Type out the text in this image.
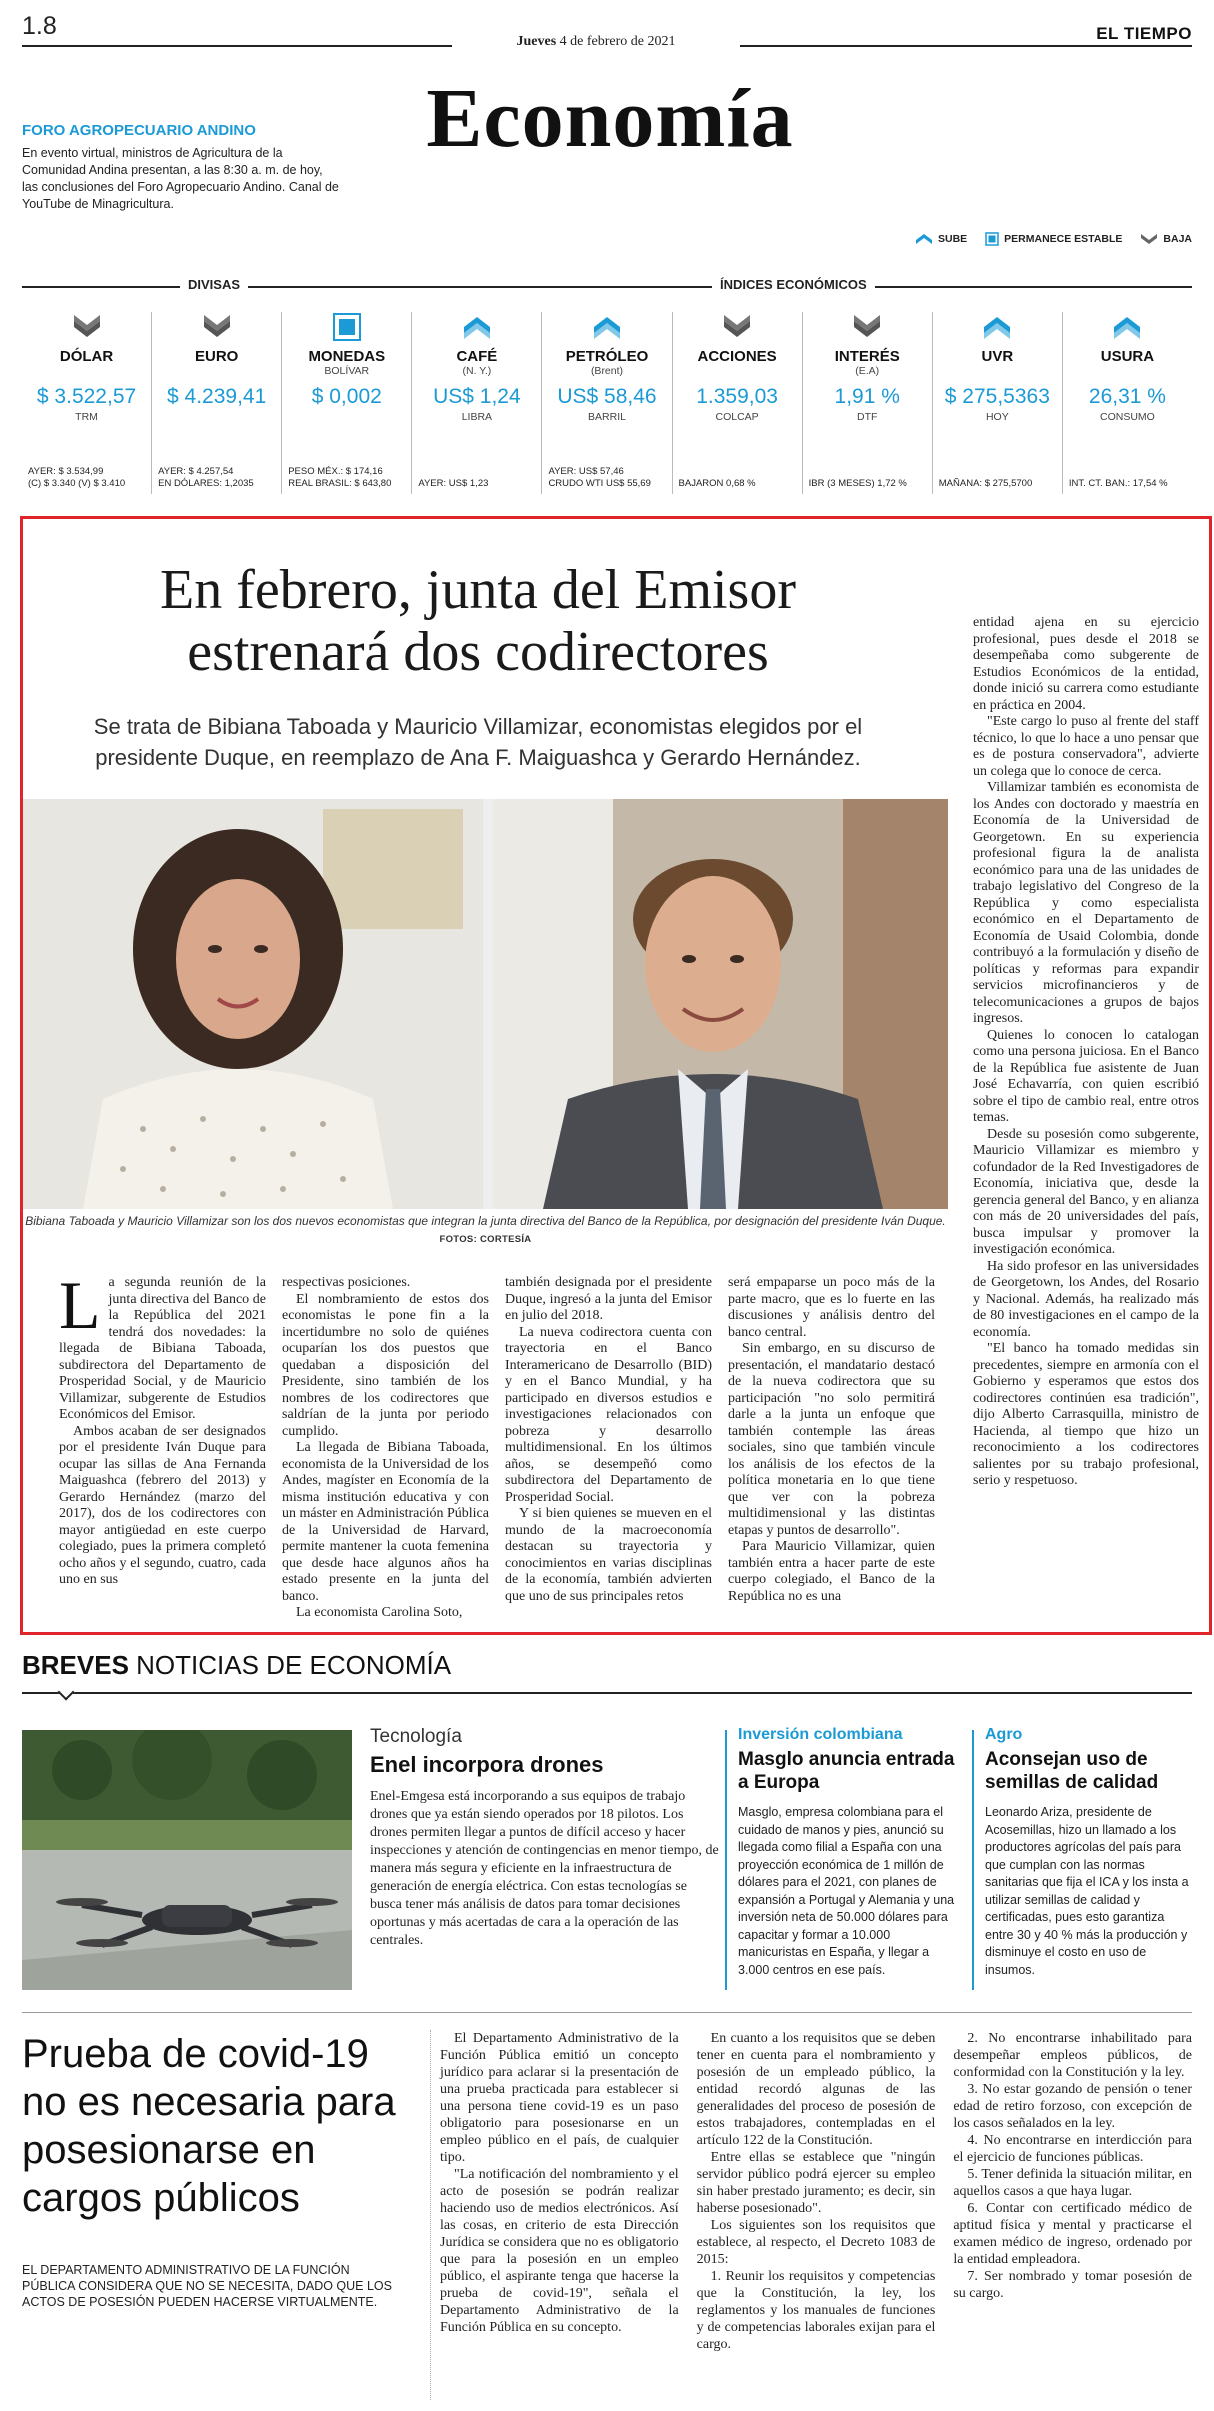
1.8
Jueves 4 de febrero de 2021	EL TIEMPO
Economía
FORO AGROPECUARIO ANDINO
En evento virtual, ministros de Agricultura de la Comunidad Andina presentan, a las 8:30 a. m. de hoy, las conclusiones del Foro Agropecuario Andino. Canal de YouTube de Minagricultura.
SUBE	PERMANECE ESTABLE	BAJA
DIVISAS	ÍNDICES ECONÓMICOS
DÓLAR
$ 3.522,57
TRM
AYER: $ 3.534,99
(C) $ 3.340 (V) $ 3.410
EURO
$ 4.239,41
AYER: $ 4.257,54
EN DÓLARES: 1,2035
MONEDAS
BOLÍVAR
$ 0,002
PESO MÉX.: $ 174,16
REAL BRASIL: $ 643,80
CAFÉ
(N. Y.)
US$ 1,24
LIBRA
AYER: US$ 1,23
PETRÓLEO
(Brent)
US$ 58,46
BARRIL
AYER: US$ 57,46
CRUDO WTI US$ 55,69
ACCIONES
1.359,03
COLCAP
BAJARON 0,68 %
INTERÉS
(E.A)
1,91 %
DTF
IBR (3 MESES) 1,72 %
UVR
$ 275,5363
HOY
MAÑANA: $ 275,5700
USURA
26,31 %
CONSUMO
INT. CT. BAN.: 17,54 %
En febrero, junta del Emisor estrenará dos codirectores
Se trata de Bibiana Taboada y Mauricio Villamizar, economistas elegidos por el presidente Duque, en reemplazo de Ana F. Maiguashca y Gerardo Hernández.
Bibiana Taboada y Mauricio Villamizar son los dos nuevos economistas que integran la junta directiva del Banco de la República, por designación del presidente Iván Duque. FOTOS: CORTESÍA
L a segunda reunión de la junta directiva del Banco de la República del 2021 tendrá dos novedades: la llegada de Bibiana Taboada, subdirectora del Departamento de Prosperidad Social, y de Mauricio Villamizar, subgerente de Estudios Económicos del Emisor.

Ambos acaban de ser designados por el presidente Iván Duque para ocupar las sillas de Ana Fernanda Maiguashca (febrero del 2013) y Gerardo Hernández (marzo del 2017), dos de los codirectores con mayor antigüedad en este cuerpo colegiado, pues la primera completó ocho años y el segundo, cuatro, cada uno en sus

respectivas posiciones.

El nombramiento de estos dos economistas le pone fin a la incertidumbre no solo de quiénes ocuparían los dos puestos que quedaban a disposición del Presidente, sino también de los nombres de los codirectores que saldrían de la junta por periodo cumplido.

La llegada de Bibiana Taboada, economista de la Universidad de los Andes, magíster en Economía de la misma institución educativa y con un máster en Administración Pública de la Universidad de Harvard, permite mantener la cuota femenina que desde hace algunos años ha estado presente en la junta del banco.

La economista Carolina Soto,

también designada por el presidente Duque, ingresó a la junta del Emisor en julio del 2018.

La nueva codirectora cuenta con trayectoria en el Banco Interamericano de Desarrollo (BID) y en el Banco Mundial, y ha participado en diversos estudios e investigaciones relacionados con pobreza y desarrollo multidimensional. En los últimos años, se desempeñó como subdirectora del Departamento de Prosperidad Social.

Y si bien quienes se mueven en el mundo de la macroeconomía destacan su trayectoria y conocimientos en varias disciplinas de la economía, también advierten que uno de sus principales retos

será empaparse un poco más de la parte macro, que es lo fuerte en las discusiones y análisis dentro del banco central.

Sin embargo, en su discurso de presentación, el mandatario destacó de la nueva codirectora que su participación "no solo permitirá darle a la junta un enfoque que también contemple las áreas sociales, sino que también vincule los análisis de los efectos de la política monetaria en lo que tiene que ver con la pobreza multidimensional y las distintas etapas y puntos de desarrollo".

Para Mauricio Villamizar, quien también entra a hacer parte de este cuerpo colegiado, el Banco de la República no es una

entidad ajena en su ejercicio profesional, pues desde el 2018 se desempeñaba como subgerente de Estudios Económicos de la entidad, donde inició su carrera como estudiante en práctica en 2004.

"Este cargo lo puso al frente del staff técnico, lo que lo hace a uno pensar que es de postura conservadora", advierte un colega que lo conoce de cerca.

Villamizar también es economista de los Andes con doctorado y maestría en Economía de la Universidad de Georgetown. En su experiencia profesional figura la de analista económico para una de las unidades de trabajo legislativo del Congreso de la República y como especialista económico en el Departamento de Economía de Usaid Colombia, donde contribuyó a la formulación y diseño de políticas y reformas para expandir servicios microfinancieros y de telecomunicaciones a grupos de bajos ingresos.

Quienes lo conocen lo catalogan como una persona juiciosa. En el Banco de la República fue asistente de Juan José Echavarría, con quien escribió sobre el tipo de cambio real, entre otros temas.

Desde su posesión como subgerente, Mauricio Villamizar es miembro y cofundador de la Red Investigadores de Economía, iniciativa que, desde la gerencia general del Banco, y en alianza con más de 20 universidades del país, busca impulsar y promover la investigación económica.

Ha sido profesor en las universidades de Georgetown, los Andes, del Rosario y Nacional. Además, ha realizado más de 80 investigaciones en el campo de la economía.

"El banco ha tomado medidas sin precedentes, siempre en armonía con el Gobierno y esperamos que estos dos codirectores continúen esa tradición", dijo Alberto Carrasquilla, ministro de Hacienda, al tiempo que hizo un reconocimiento a los codirectores salientes por su trabajo profesional, serio y respetuoso.

BREVES NOTICIAS DE ECONOMÍA
Tecnología
Enel incorpora drones
Enel-Emgesa está incorporando a sus equipos de trabajo drones que ya están siendo operados por 18 pilotos. Los drones permiten llegar a puntos de difícil acceso y hacer inspecciones y atención de contingencias en menor tiempo, de manera más segura y eficiente en la infraestructura de generación de energía eléctrica. Con estas tecnologías se busca tener más análisis de datos para tomar decisiones oportunas y más acertadas de cara a la operación de las centrales.
Inversión colombiana
Masglo anuncia entrada a Europa
Masglo, empresa colombiana para el cuidado de manos y pies, anunció su llegada como filial a España con una proyección económica de 1 millón de dólares para el 2021, con planes de expansión a Portugal y Alemania y una inversión neta de 50.000 dólares para capacitar y formar a 10.000 manicuristas en España, y llegar a 3.000 centros en ese país.
Agro
Aconsejan uso de semillas de calidad
Leonardo Ariza, presidente de Acosemillas, hizo un llamado a los productores agrícolas del país para que cumplan con las normas sanitarias que fija el ICA y los insta a utilizar semillas de calidad y certificadas, pues esto garantiza entre 30 y 40 % más la producción y disminuye el costo en uso de insumos.
Prueba de covid-19 no es necesaria para posesionarse en cargos públicos
EL DEPARTAMENTO ADMINISTRATIVO DE LA FUNCIÓN PÚBLICA CONSIDERA QUE NO SE NECESITA, DADO QUE LOS ACTOS DE POSESIÓN PUEDEN HACERSE VIRTUALMENTE.

El Departamento Administrativo de la Función Pública emitió un concepto jurídico para aclarar si la presentación de una prueba practicada para establecer si una persona tiene covid-19 es un paso obligatorio para posesionarse en un empleo público en el país, de cualquier tipo.

"La notificación del nombramiento y el acto de posesión se podrán realizar haciendo uso de medios electrónicos. Así las cosas, en criterio de esta Dirección Jurídica se considera que no es obligatorio que para la posesión en un empleo público, el aspirante tenga que hacerse la prueba de covid-19", señala el Departamento Administrativo de la Función Pública en su concepto.

En cuanto a los requisitos que se deben tener en cuenta para el nombramiento y posesión de un empleado público, la entidad recordó algunas de las generalidades del proceso de posesión de estos trabajadores, contempladas en el artículo 122 de la Constitución.

Entre ellas se establece que "ningún servidor público podrá ejercer su empleo sin haber prestado juramento; es decir, sin haberse posesionado".

Los siguientes son los requisitos que establece, al respecto, el Decreto 1083 de 2015:

1. Reunir los requisitos y competencias que la Constitución, la ley, los reglamentos y los manuales de funciones y de competencias laborales exijan para el cargo.

2. No encontrarse inhabilitado para desempeñar empleos públicos, de conformidad con la Constitución y la ley.

3. No estar gozando de pensión o tener edad de retiro forzoso, con excepción de los casos señalados en la ley.

4. No encontrarse en interdicción para el ejercicio de funciones públicas.

5. Tener definida la situación militar, en aquellos casos a que haya lugar.

6. Contar con certificado médico de aptitud física y mental y practicarse el examen médico de ingreso, ordenado por la entidad empleadora.

7. Ser nombrado y tomar posesión de su cargo.
